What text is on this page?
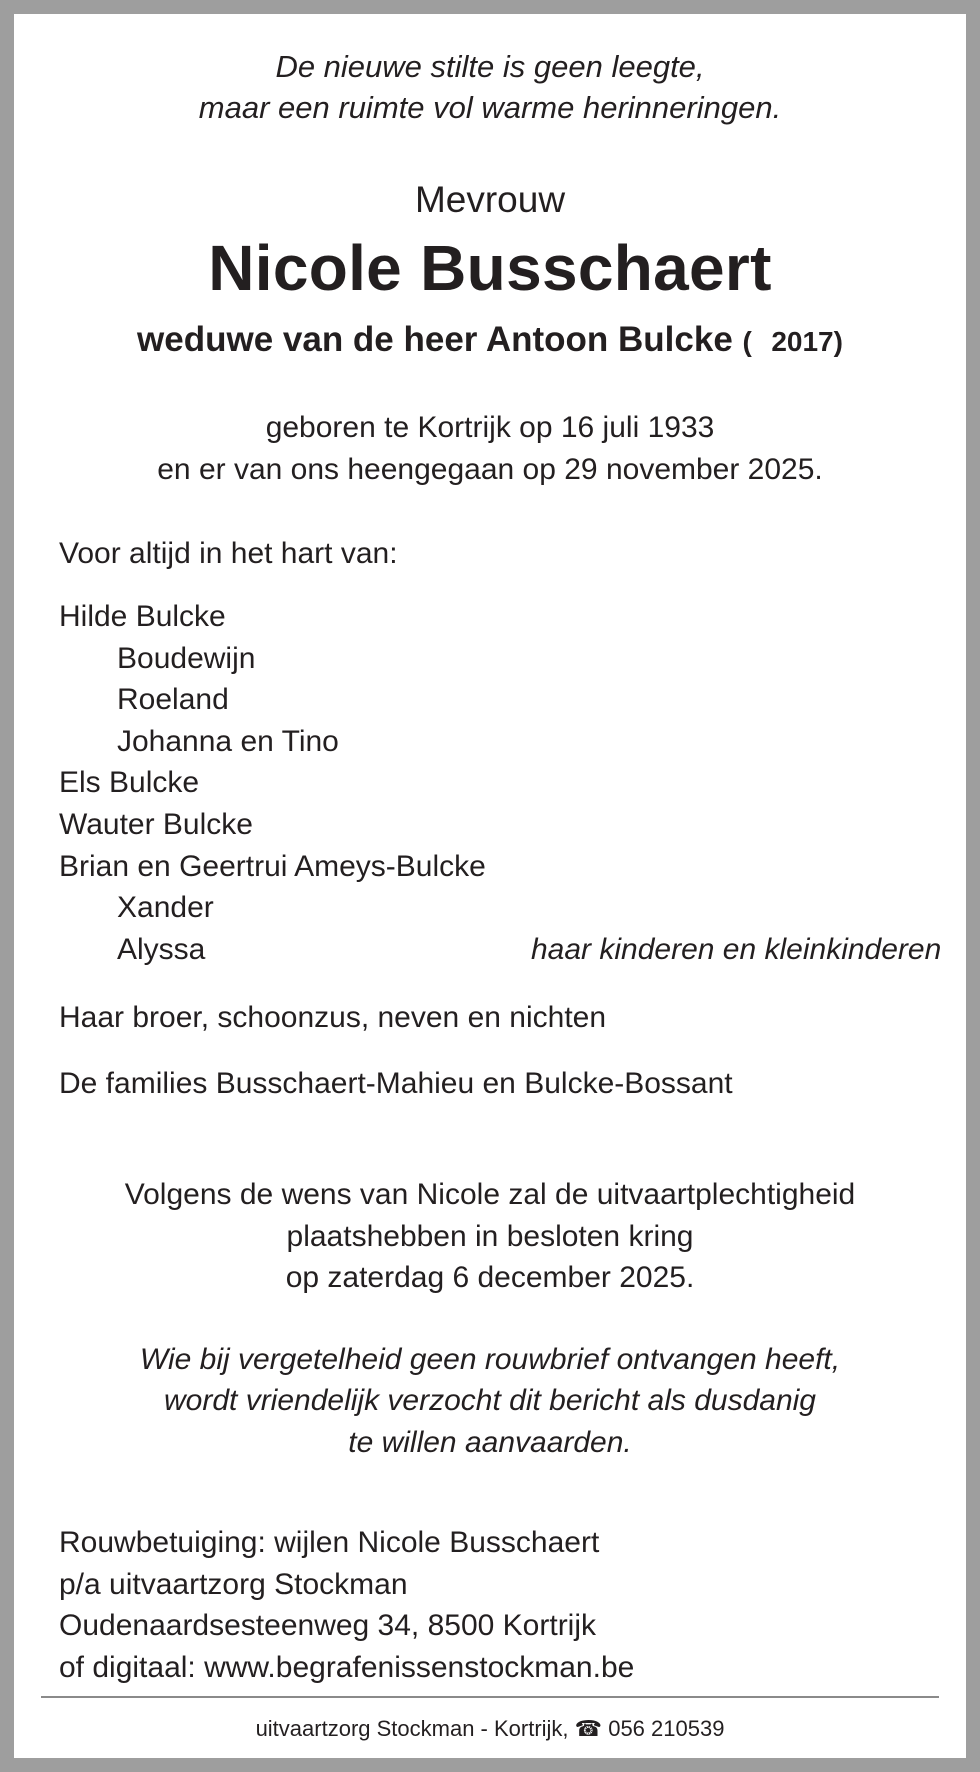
De nieuwe stilte is geen leegte,
maar een ruimte vol warme herinneringen.
Mevrouw
Nicole Busschaert
weduwe van de heer Antoon Bulcke ( 2017)
geboren te Kortrijk op 16 juli 1933
en er van ons heengegaan op 29 november 2025.
Voor altijd in het hart van:
Hilde Bulcke
Boudewijn
Roeland
Johanna en Tino
Els Bulcke
Wauter Bulcke
Brian en Geertrui Ameys-Bulcke
Xander
Alyssa	haar kinderen en kleinkinderen
Haar broer, schoonzus, neven en nichten
De families Busschaert-Mahieu en Bulcke-Bossant
Volgens de wens van Nicole zal de uitvaartplechtigheid
plaatshebben in besloten kring
op zaterdag 6 december 2025.
Wie bij vergetelheid geen rouwbrief ontvangen heeft,
wordt vriendelijk verzocht dit bericht als dusdanig
te willen aanvaarden.
Rouwbetuiging: wijlen Nicole Busschaert
p/a uitvaartzorg Stockman
Oudenaardsesteenweg 34, 8500 Kortrijk
of digitaal: www.begrafenissenstockman.be
uitvaartzorg Stockman - Kortrijk, ☎ 056 210539
